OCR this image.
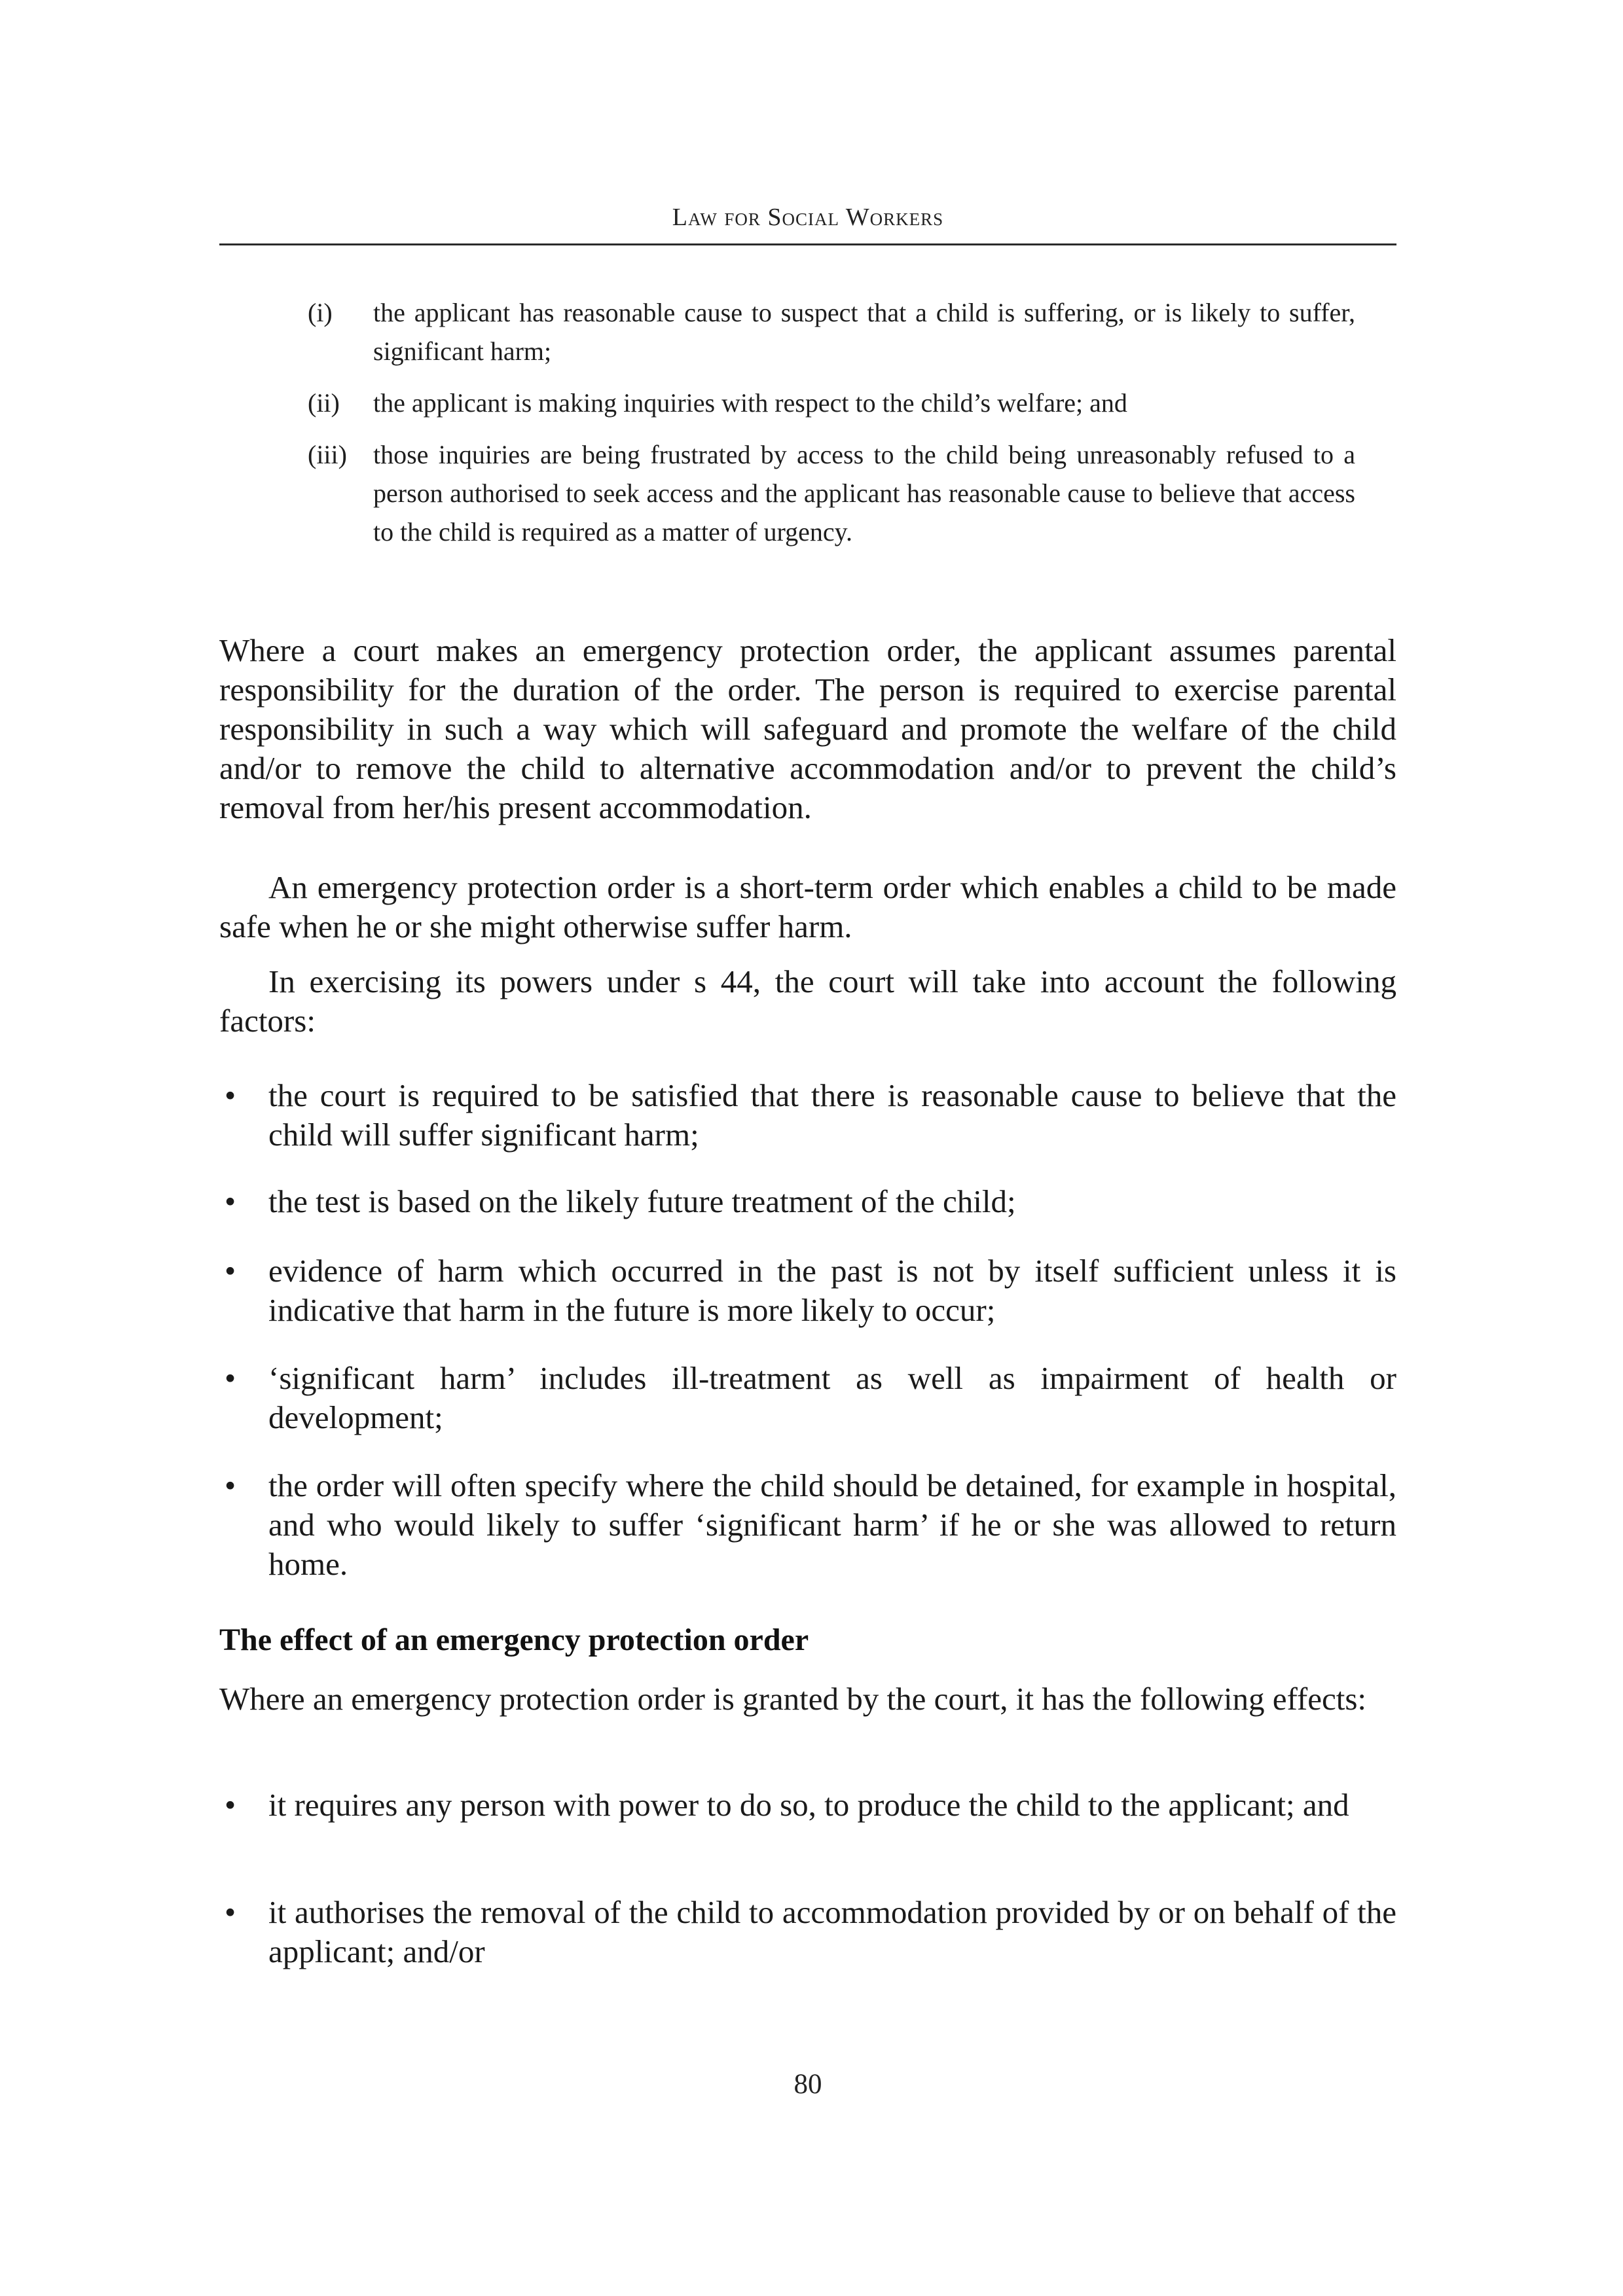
Law for Social Workers
(i) the applicant has reasonable cause to suspect that a child is suffering, or is likely to suffer, significant harm;
(ii) the applicant is making inquiries with respect to the child’s welfare; and
(iii) those inquiries are being frustrated by access to the child being unreasonably refused to a person authorised to seek access and the applicant has reasonable cause to believe that access to the child is required as a matter of urgency.
Where a court makes an emergency protection order, the applicant assumes parental responsibility for the duration of the order. The person is required to exercise parental responsibility in such a way which will safeguard and promote the welfare of the child and/or to remove the child to alternative accommodation and/or to prevent the child’s removal from her/his present accommodation.
An emergency protection order is a short-term order which enables a child to be made safe when he or she might otherwise suffer harm.
In exercising its powers under s 44, the court will take into account the following factors:
•	the court is required to be satisfied that there is reasonable cause to believe that the child will suffer significant harm;
•	the test is based on the likely future treatment of the child;
•	evidence of harm which occurred in the past is not by itself sufficient unless it is indicative that harm in the future is more likely to occur;
•	‘significant harm’ includes ill-treatment as well as impairment of health or development;
•	the order will often specify where the child should be detained, for example in hospital, and who would likely to suffer ‘significant harm’ if he or she was allowed to return home.
The effect of an emergency protection order
Where an emergency protection order is granted by the court, it has the following effects:
•	it requires any person with power to do so, to produce the child to the applicant; and
•	it authorises the removal of the child to accommodation provided by or on behalf of the applicant; and/or
80
